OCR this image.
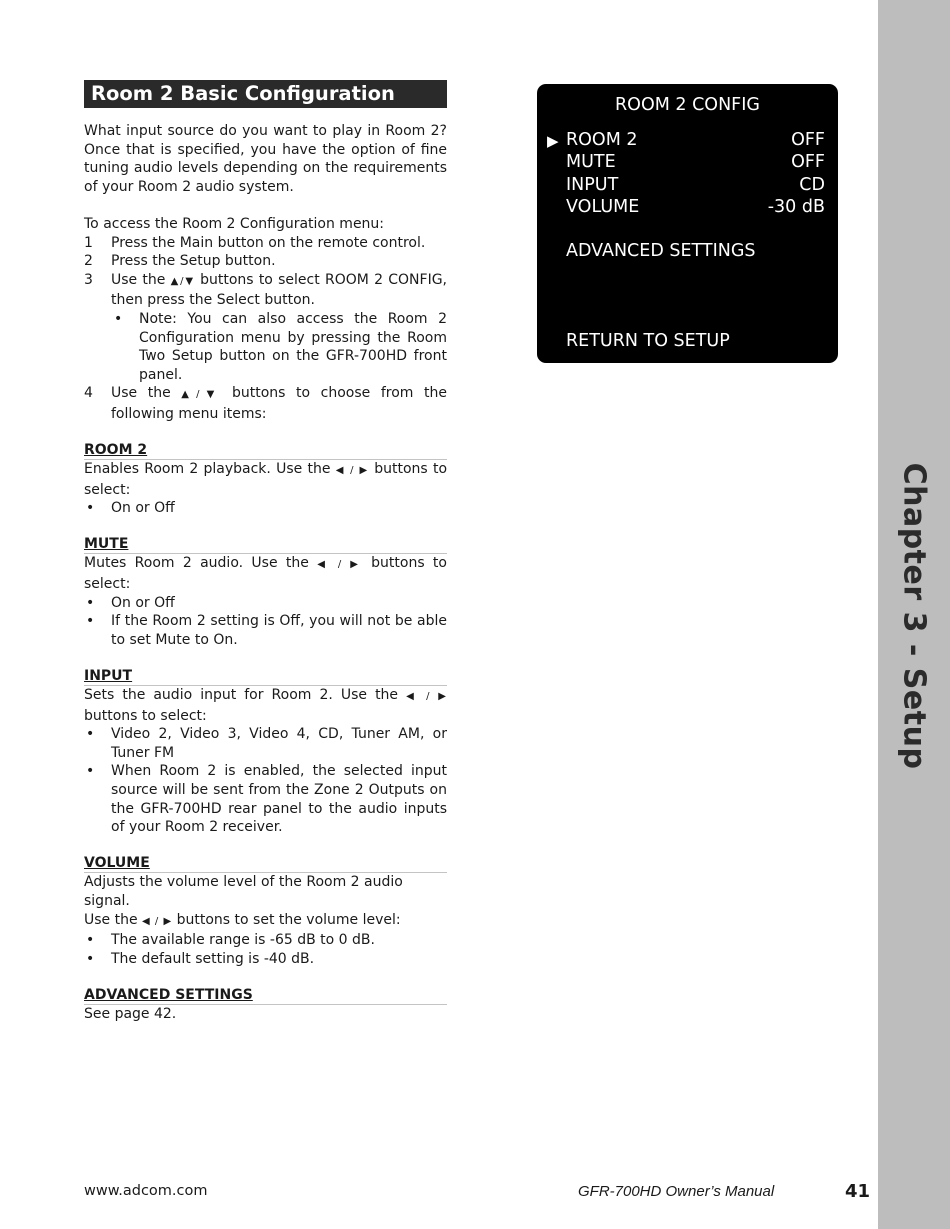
Chapter 3 - Setup
Room 2 Basic Configuration

What input source do you want to play in Room 2? Once that is specified, you have the option of fine tuning audio levels depending on the requirements of your Room 2 audio system.

To access the Room 2 Configuration menu:

1	Press the Main button on the remote control.
2	Press the Setup button.
3	Use the ▲/▼ buttons to select ROOM 2 CONFIG, then press the Select button.
•	Note: You can also access the Room 2 Configuration menu by pressing the Room Two Setup button on the GFR-700HD front panel.
4	Use the ▲/▼ buttons to choose from the following menu items:
ROOM 2

Enables Room 2 playback. Use the ◀ / ▶ buttons to select:

•	On or Off
MUTE

Mutes Room 2 audio. Use the ◀ / ▶ buttons to select:

•	On or Off
•	If the Room 2 setting is Off, you will not be able to set Mute to On.
INPUT

Sets the audio input for Room 2. Use the ◀ / ▶ buttons to select:

•	Video 2, Video 3, Video 4, CD, Tuner AM, or Tuner FM
•	When Room 2 is enabled, the selected input source will be sent from the Zone 2 Outputs on the GFR-700HD rear panel to the audio inputs of your Room 2 receiver.
VOLUME

Adjusts the volume level of the Room 2 audio signal.

Use the ◀ / ▶ buttons to set the volume level:

•	The available range is -65 dB to 0 dB.
•	The default setting is -40 dB.
ADVANCED SETTINGS

See page 42.

ROOM 2 CONFIG
ROOM 2	OFF
▶
MUTE	OFF
INPUT	CD
VOLUME	-30 dB
ADVANCED SETTINGS
RETURN TO SETUP
www.adcom.com	GFR-700HD Owner’s Manual	41
